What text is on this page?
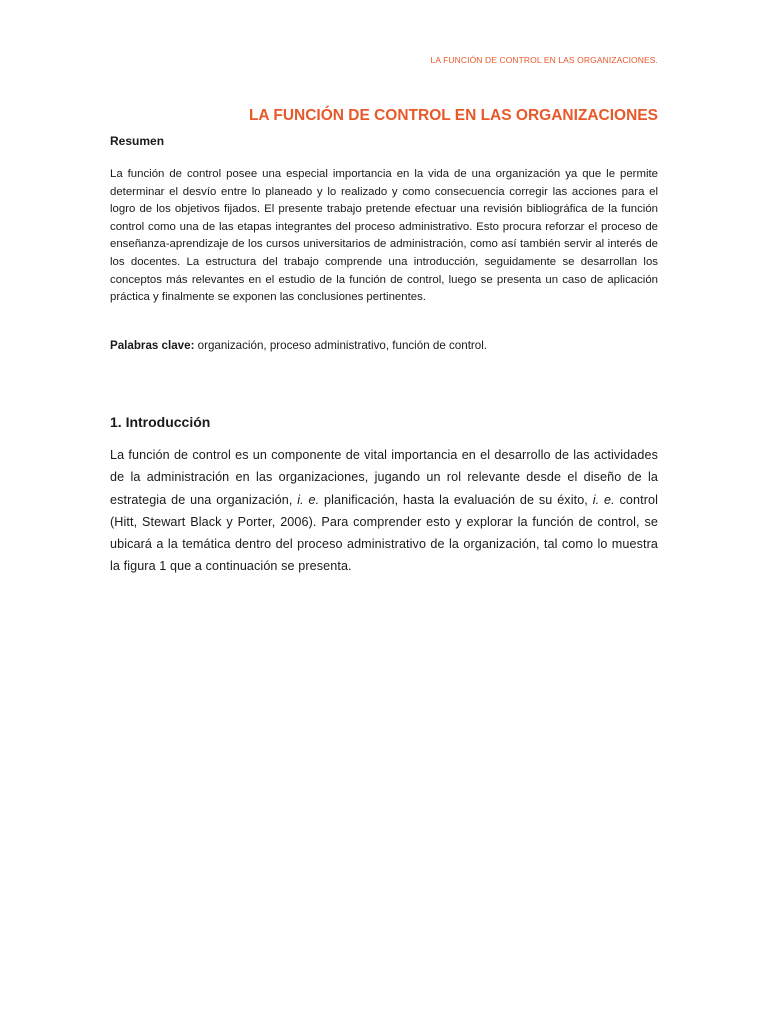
LA FUNCIÓN DE CONTROL EN LAS ORGANIZACIONES.
LA FUNCIÓN DE CONTROL EN LAS ORGANIZACIONES
Resumen

La función de control posee una especial importancia en la vida de una organización ya que le permite determinar el desvío entre lo planeado y lo realizado y como consecuencia corregir las acciones para el logro de los objetivos fijados. El presente trabajo pretende efectuar una revisión bibliográfica de la función control como una de las etapas integrantes del proceso administrativo. Esto procura reforzar el proceso de enseñanza-aprendizaje de los cursos universitarios de administración, como así también servir al interés de los docentes. La estructura del trabajo comprende una introducción, seguidamente se desarrollan los conceptos más relevantes en el estudio de la función de control, luego se presenta un caso de aplicación práctica y finalmente se exponen las conclusiones pertinentes.

Palabras clave: organización, proceso administrativo, función de control.

1. Introducción

La función de control es un componente de vital importancia en el desarrollo de las actividades de la administración en las organizaciones, jugando un rol relevante desde el diseño de la estrategia de una organización, i. e. planificación, hasta la evaluación de su éxito, i. e. control (Hitt, Stewart Black y Porter, 2006). Para comprender esto y explorar la función de control, se ubicará a la temática dentro del proceso administrativo de la organización, tal como lo muestra la figura 1 que a continuación se presenta.
